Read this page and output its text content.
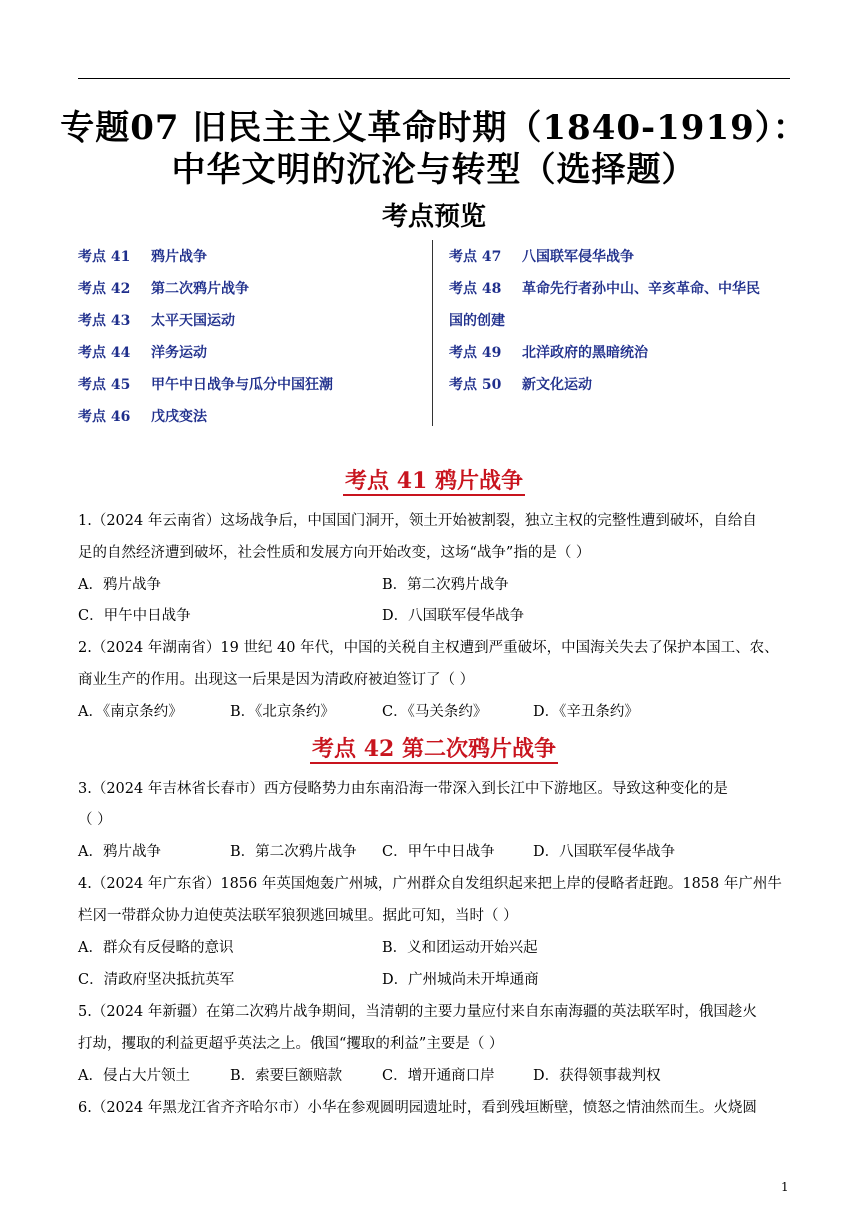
专题07 旧民主主义革命时期（1840-1919）：
中华文明的沉沦与转型（选择题）
考点预览
考点 41 鸦片战争
考点 42 第二次鸦片战争
考点 43 太平天国运动
考点 44 洋务运动
考点 45 甲午中日战争与瓜分中国狂潮
考点 46 戊戌变法
考点 47 八国联军侵华战争
考点 48 革命先行者孙中山、辛亥革命、中华民
国的创建
考点 49 北洋政府的黑暗统治
考点 50 新文化运动
考点 41 鸦片战争
1.（2024 年云南省）这场战争后，中国国门洞开，领土开始被割裂，独立主权的完整性遭到破坏，自给自
足的自然经济遭到破坏，社会性质和发展方向开始改变，这场“战争”指的是（ ）
A．鸦片战争	B．第二次鸦片战争
C．甲午中日战争	D．八国联军侵华战争
2.（2024 年湖南省）19 世纪 40 年代，中国的关税自主权遭到严重破坏，中国海关失去了保护本国工、农、
商业生产的作用。出现这一后果是因为清政府被迫签订了（ ）
A．《南京条约》	B．《北京条约》	C．《马关条约》	D．《辛丑条约》
考点 42 第二次鸦片战争
3.（2024 年吉林省长春市）西方侵略势力由东南沿海一带深入到长江中下游地区。导致这种变化的是
（ ）
A．鸦片战争	B．第二次鸦片战争 C．甲午中日战争	D．八国联军侵华战争
4.（2024 年广东省）1856 年英国炮轰广州城，广州群众自发组织起来把上岸的侵略者赶跑。1858 年广州牛
栏冈一带群众协力迫使英法联军狼狈逃回城里。据此可知，当时（ ）
A．群众有反侵略的意识	B．义和团运动开始兴起
C．清政府坚决抵抗英军	D．广州城尚未开埠通商
5.（2024 年新疆）在第二次鸦片战争期间，当清朝的主要力量应付来自东南海疆的英法联军时，俄国趁火
打劫，攫取的利益更超乎英法之上。俄国“攫取的利益”主要是（ ）
A．侵占大片领土	B．索要巨额赔款	C．增开通商口岸	D．获得领事裁判权
6.（2024 年黑龙江省齐齐哈尔市）小华在参观圆明园遗址时，看到残垣断壁，愤怒之情油然而生。火烧圆
1
